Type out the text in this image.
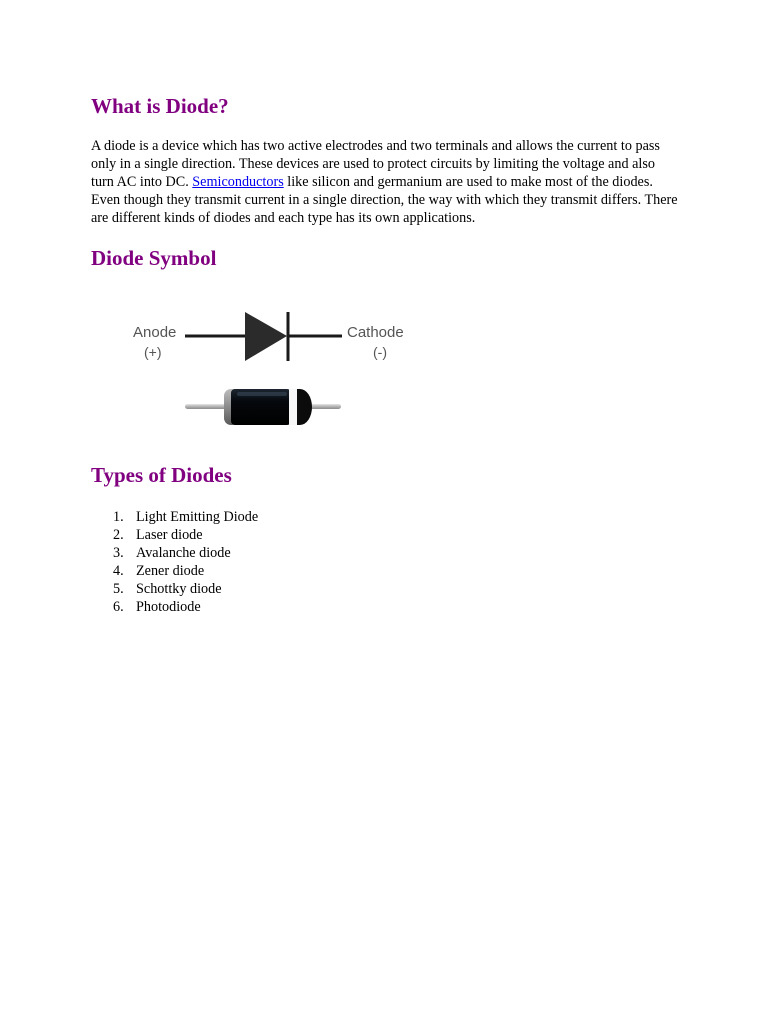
What is Diode?

A diode is a device which has two active electrodes and two terminals and allows the current to pass only in a single direction. These devices are used to protect circuits by limiting the voltage and also turn AC into DC. Semiconductors like silicon and germanium are used to make most of the diodes. Even though they transmit current in a single direction, the way with which they transmit differs. There are different kinds of diodes and each type has its own applications.

Diode Symbol
Anode
(+)
Cathode
(-)
Types of Diodes
1. Light Emitting Diode
2. Laser diode
3. Avalanche diode
4. Zener diode
5. Schottky diode
6. Photodiode
